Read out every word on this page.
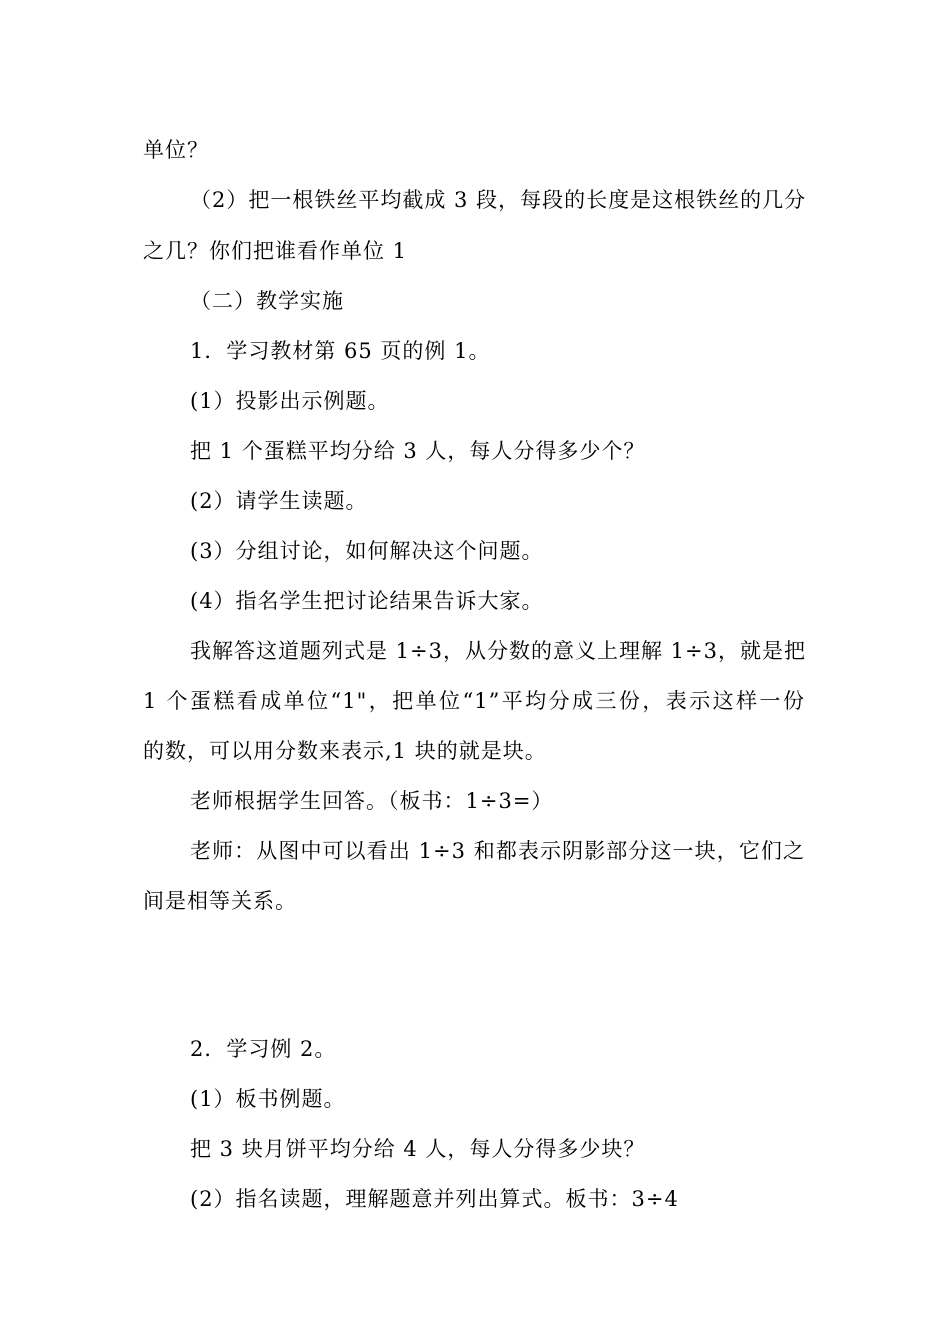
单位？
（2）把一根铁丝平均截成 3 段，每段的长度是这根铁丝的几分
之几？你们把谁看作单位 1
（二）教学实施
1．学习教材第 65 页的例 1。
(1）投影出示例题。
把 1 个蛋糕平均分给 3 人，每人分得多少个？
(2）请学生读题。
(3）分组讨论，如何解决这个问题。
(4）指名学生把讨论结果告诉大家。
我解答这道题列式是 1÷3，从分数的意义上理解 1÷3，就是把
1 个蛋糕看成单位“1"，把单位“1”平均分成三份，表示这样一份
的数，可以用分数来表示,1 块的就是块。
老师根据学生回答。（板书：1÷3=）
老师：从图中可以看出 1÷3 和都表示阴影部分这一块，它们之
间是相等关系。
2．学习例 2。
(1）板书例题。
把 3 块月饼平均分给 4 人，每人分得多少块？
(2）指名读题，理解题意并列出算式。板书：3÷4
